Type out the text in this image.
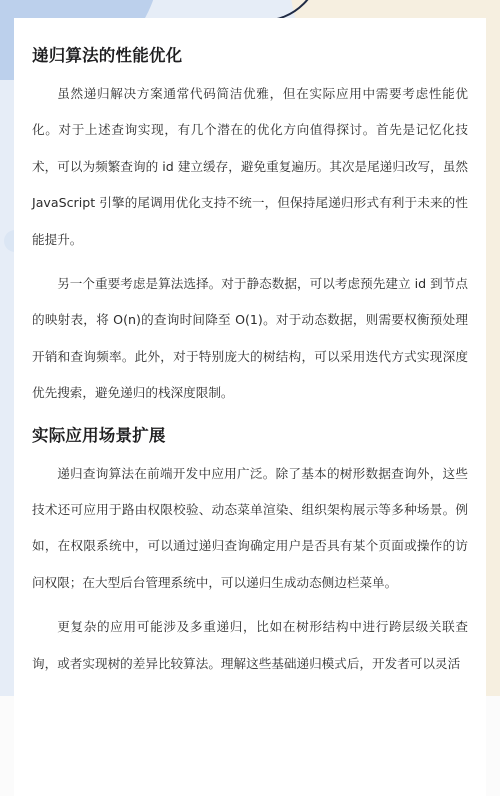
递归算法的性能优化

虽然递归解决方案通常代码简洁优雅，但在实际应用中需要考虑性能优化。对于上述查询实现，有几个潜在的优化方向值得探讨。首先是记忆化技术，可以为频繁查询的 id 建立缓存，避免重复遍历。其次是尾递归改写，虽然 JavaScript 引擎的尾调用优化支持不统一，但保持尾递归形式有利于未来的性能提升。

另一个重要考虑是算法选择。对于静态数据，可以考虑预先建立 id 到节点的映射表，将 O(n)的查询时间降至 O(1)。对于动态数据，则需要权衡预处理开销和查询频率。此外，对于特别庞大的树结构，可以采用迭代方式实现深度优先搜索，避免递归的栈深度限制。

实际应用场景扩展

递归查询算法在前端开发中应用广泛。除了基本的树形数据查询外，这些技术还可应用于路由权限校验、动态菜单渲染、组织架构展示等多种场景。例如，在权限系统中，可以通过递归查询确定用户是否具有某个页面或操作的访问权限；在大型后台管理系统中，可以递归生成动态侧边栏菜单。

更复杂的应用可能涉及多重递归，比如在树形结构中进行跨层级关联查询，或者实现树的差异比较算法。理解这些基础递归模式后，开发者可以灵活
